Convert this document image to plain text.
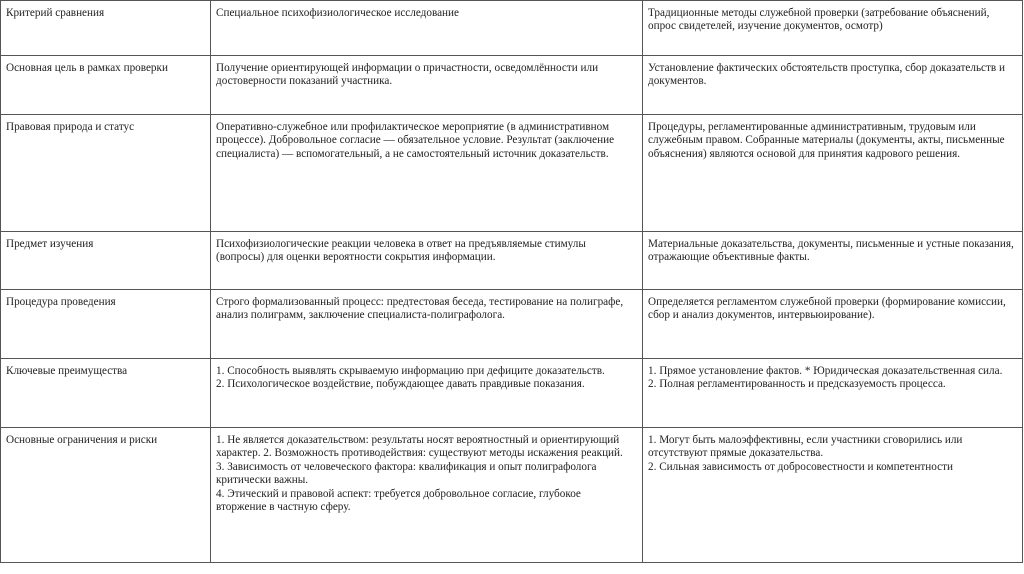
Критерий сравнения	Специальное психофизиологическое исследование	Традиционные методы служебной проверки (затребование объяснений, опрос свидетелей, изучение документов, осмотр)
Основная цель в рамках проверки	Получение ориентирующей информации о причастности, осведомлённости или достоверности показаний участника.	Установление фактических обстоятельств проступка, сбор доказательств и документов.

Правовая природа и статус	Оперативно-служебное или профилактическое мероприятие (в административном процессе). Добровольное согласие — обязательное условие. Результат (заключение специалиста) — вспомогательный, а не самостоятельный источник доказательств.	Процедуры, регламентированные административным, трудовым или служебным правом. Собранные материалы (документы, акты, письменные объяснения) являются основой для принятия кадрового решения.

Предмет изучения	Психофизиологические реакции человека в ответ на предъявляемые стимулы (вопросы) для оценки вероятности сокрытия информации.	Материальные доказательства, документы, письменные и устные показания, отражающие объективные факты.

Процедура проведения	Строго формализованный процесс: предтестовая беседа, тестирование на полиграфе, анализ полиграмм, заключение специалиста-полиграфолога.	Определяется регламентом служебной проверки (формирование комиссии, сбор и анализ документов, интервьюирование).

Ключевые преимущества	1. Способность выявлять скрываемую информацию при дефиците доказательств.
2. Психологическое воздействие, побуждающее давать правдивые показания.	1. Прямое установление фактов. * Юридическая доказательственная сила.
2. Полная регламентированность и предсказуемость процесса.

Основные ограничения и риски	1. Не является доказательством: результаты носят вероятностный и ориентирующий характер. 2. Возможность противодействия: существуют методы искажения реакций.
3. Зависимость от человеческого фактора: квалификация и опыт полиграфолога критически важны.
4. Этический и правовой аспект: требуется добровольное согласие, глубокое вторжение в частную сферу.	1. Могут быть малоэффективны, если участники сговорились или отсутствуют прямые доказательства.
2. Сильная зависимость от добросовестности и компетентности
